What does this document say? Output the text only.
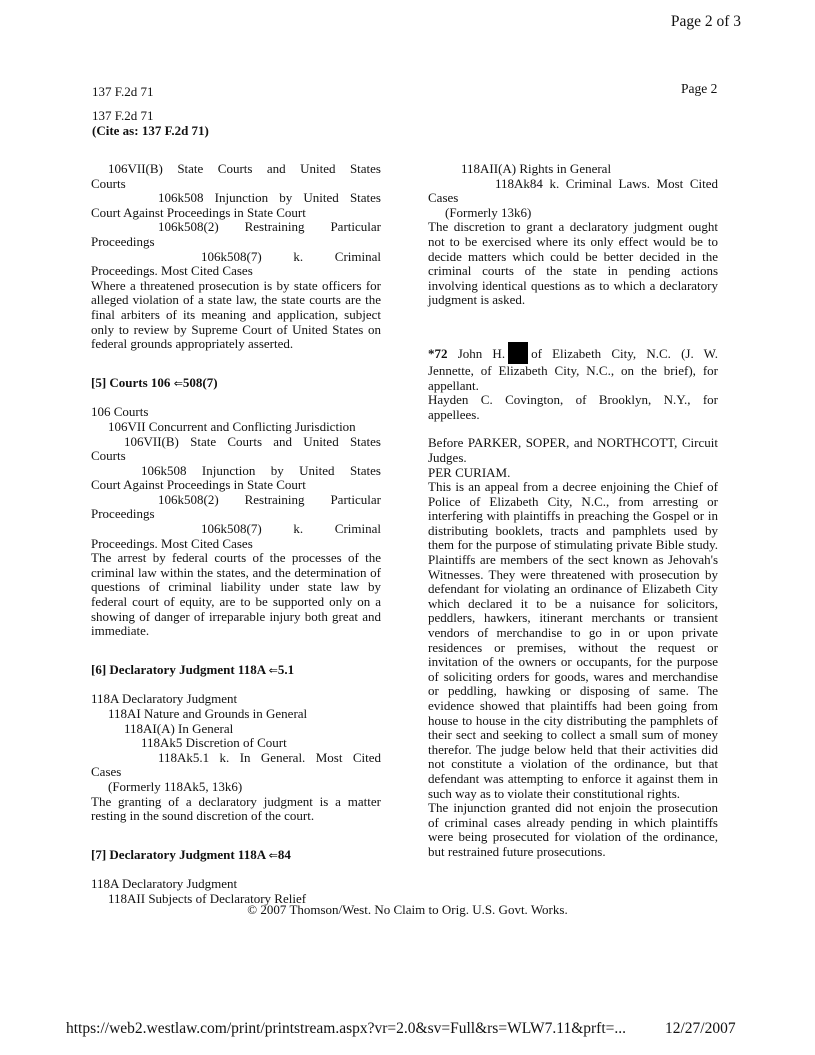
Page 2 of 3
137 F.2d 71	Page 2
137 F.2d 71
(Cite as: 137 F.2d 71)
106VII(B) State Courts and United States
Courts
106k508 Injunction by United States
Court Against Proceedings in State Court
106k508(2) Restraining Particular
Proceedings
106k508(7) k. Criminal
Proceedings. Most Cited Cases
Where a threatened prosecution is by state officers for alleged violation of a state law, the state courts are the final arbiters of its meaning and application, subject only to review by Supreme Court of United States on federal grounds appropriately asserted.
[5] Courts 106 ⇐508(7)
106 Courts
106VII Concurrent and Conflicting Jurisdiction
106VII(B) State Courts and United States
Courts
106k508 Injunction by United States
Court Against Proceedings in State Court
106k508(2) Restraining Particular
Proceedings
106k508(7) k. Criminal
Proceedings. Most Cited Cases
The arrest by federal courts of the processes of the criminal law within the states, and the determination of questions of criminal liability under state law by federal court of equity, are to be supported only on a showing of danger of irreparable injury both great and immediate.
[6] Declaratory Judgment 118A ⇐5.1
118A Declaratory Judgment
118AI Nature and Grounds in General
118AI(A) In General
118Ak5 Discretion of Court
118Ak5.1 k. In General. Most Cited
Cases
(Formerly 118Ak5, 13k6)
The granting of a declaratory judgment is a matter resting in the sound discretion of the court.
[7] Declaratory Judgment 118A ⇐84
118A Declaratory Judgment
118AII Subjects of Declaratory Relief
118AII(A) Rights in General
118Ak84 k. Criminal Laws. Most Cited
Cases
(Formerly 13k6)
The discretion to grant a declaratory judgment ought not to be exercised where its only effect would be to decide matters which could be better decided in the criminal courts of the state in pending actions involving identical questions as to which a declaratory judgment is asked.
*72 John H. of Elizabeth City, N.C. (J. W. Jennette, of Elizabeth City, N.C., on the brief), for appellant.
Hayden C. Covington, of Brooklyn, N.Y., for appellees.
Before PARKER, SOPER, and NORTHCOTT, Circuit Judges.
PER CURIAM.
This is an appeal from a decree enjoining the Chief of Police of Elizabeth City, N.C., from arresting or interfering with plaintiffs in preaching the Gospel or in distributing booklets, tracts and pamphlets used by them for the purpose of stimulating private Bible study. Plaintiffs are members of the sect known as Jehovah's Witnesses. They were threatened with prosecution by defendant for violating an ordinance of Elizabeth City which declared it to be a nuisance for solicitors, peddlers, hawkers, itinerant merchants or transient vendors of merchandise to go in or upon private residences or premises, without the request or invitation of the owners or occupants, for the purpose of soliciting orders for goods, wares and merchandise or peddling, hawking or disposing of same. The evidence showed that plaintiffs had been going from house to house in the city distributing the pamphlets of their sect and seeking to collect a small sum of money therefor. The judge below held that their activities did not constitute a violation of the ordinance, but that defendant was attempting to enforce it against them in such way as to violate their constitutional rights.
The injunction granted did not enjoin the prosecution of criminal cases already pending in which plaintiffs were being prosecuted for violation of the ordinance, but restrained future prosecutions.
© 2007 Thomson/West. No Claim to Orig. U.S. Govt. Works.
https://web2.westlaw.com/print/printstream.aspx?vr=2.0&sv=Full&rs=WLW7.11&prft=...	12/27/2007
